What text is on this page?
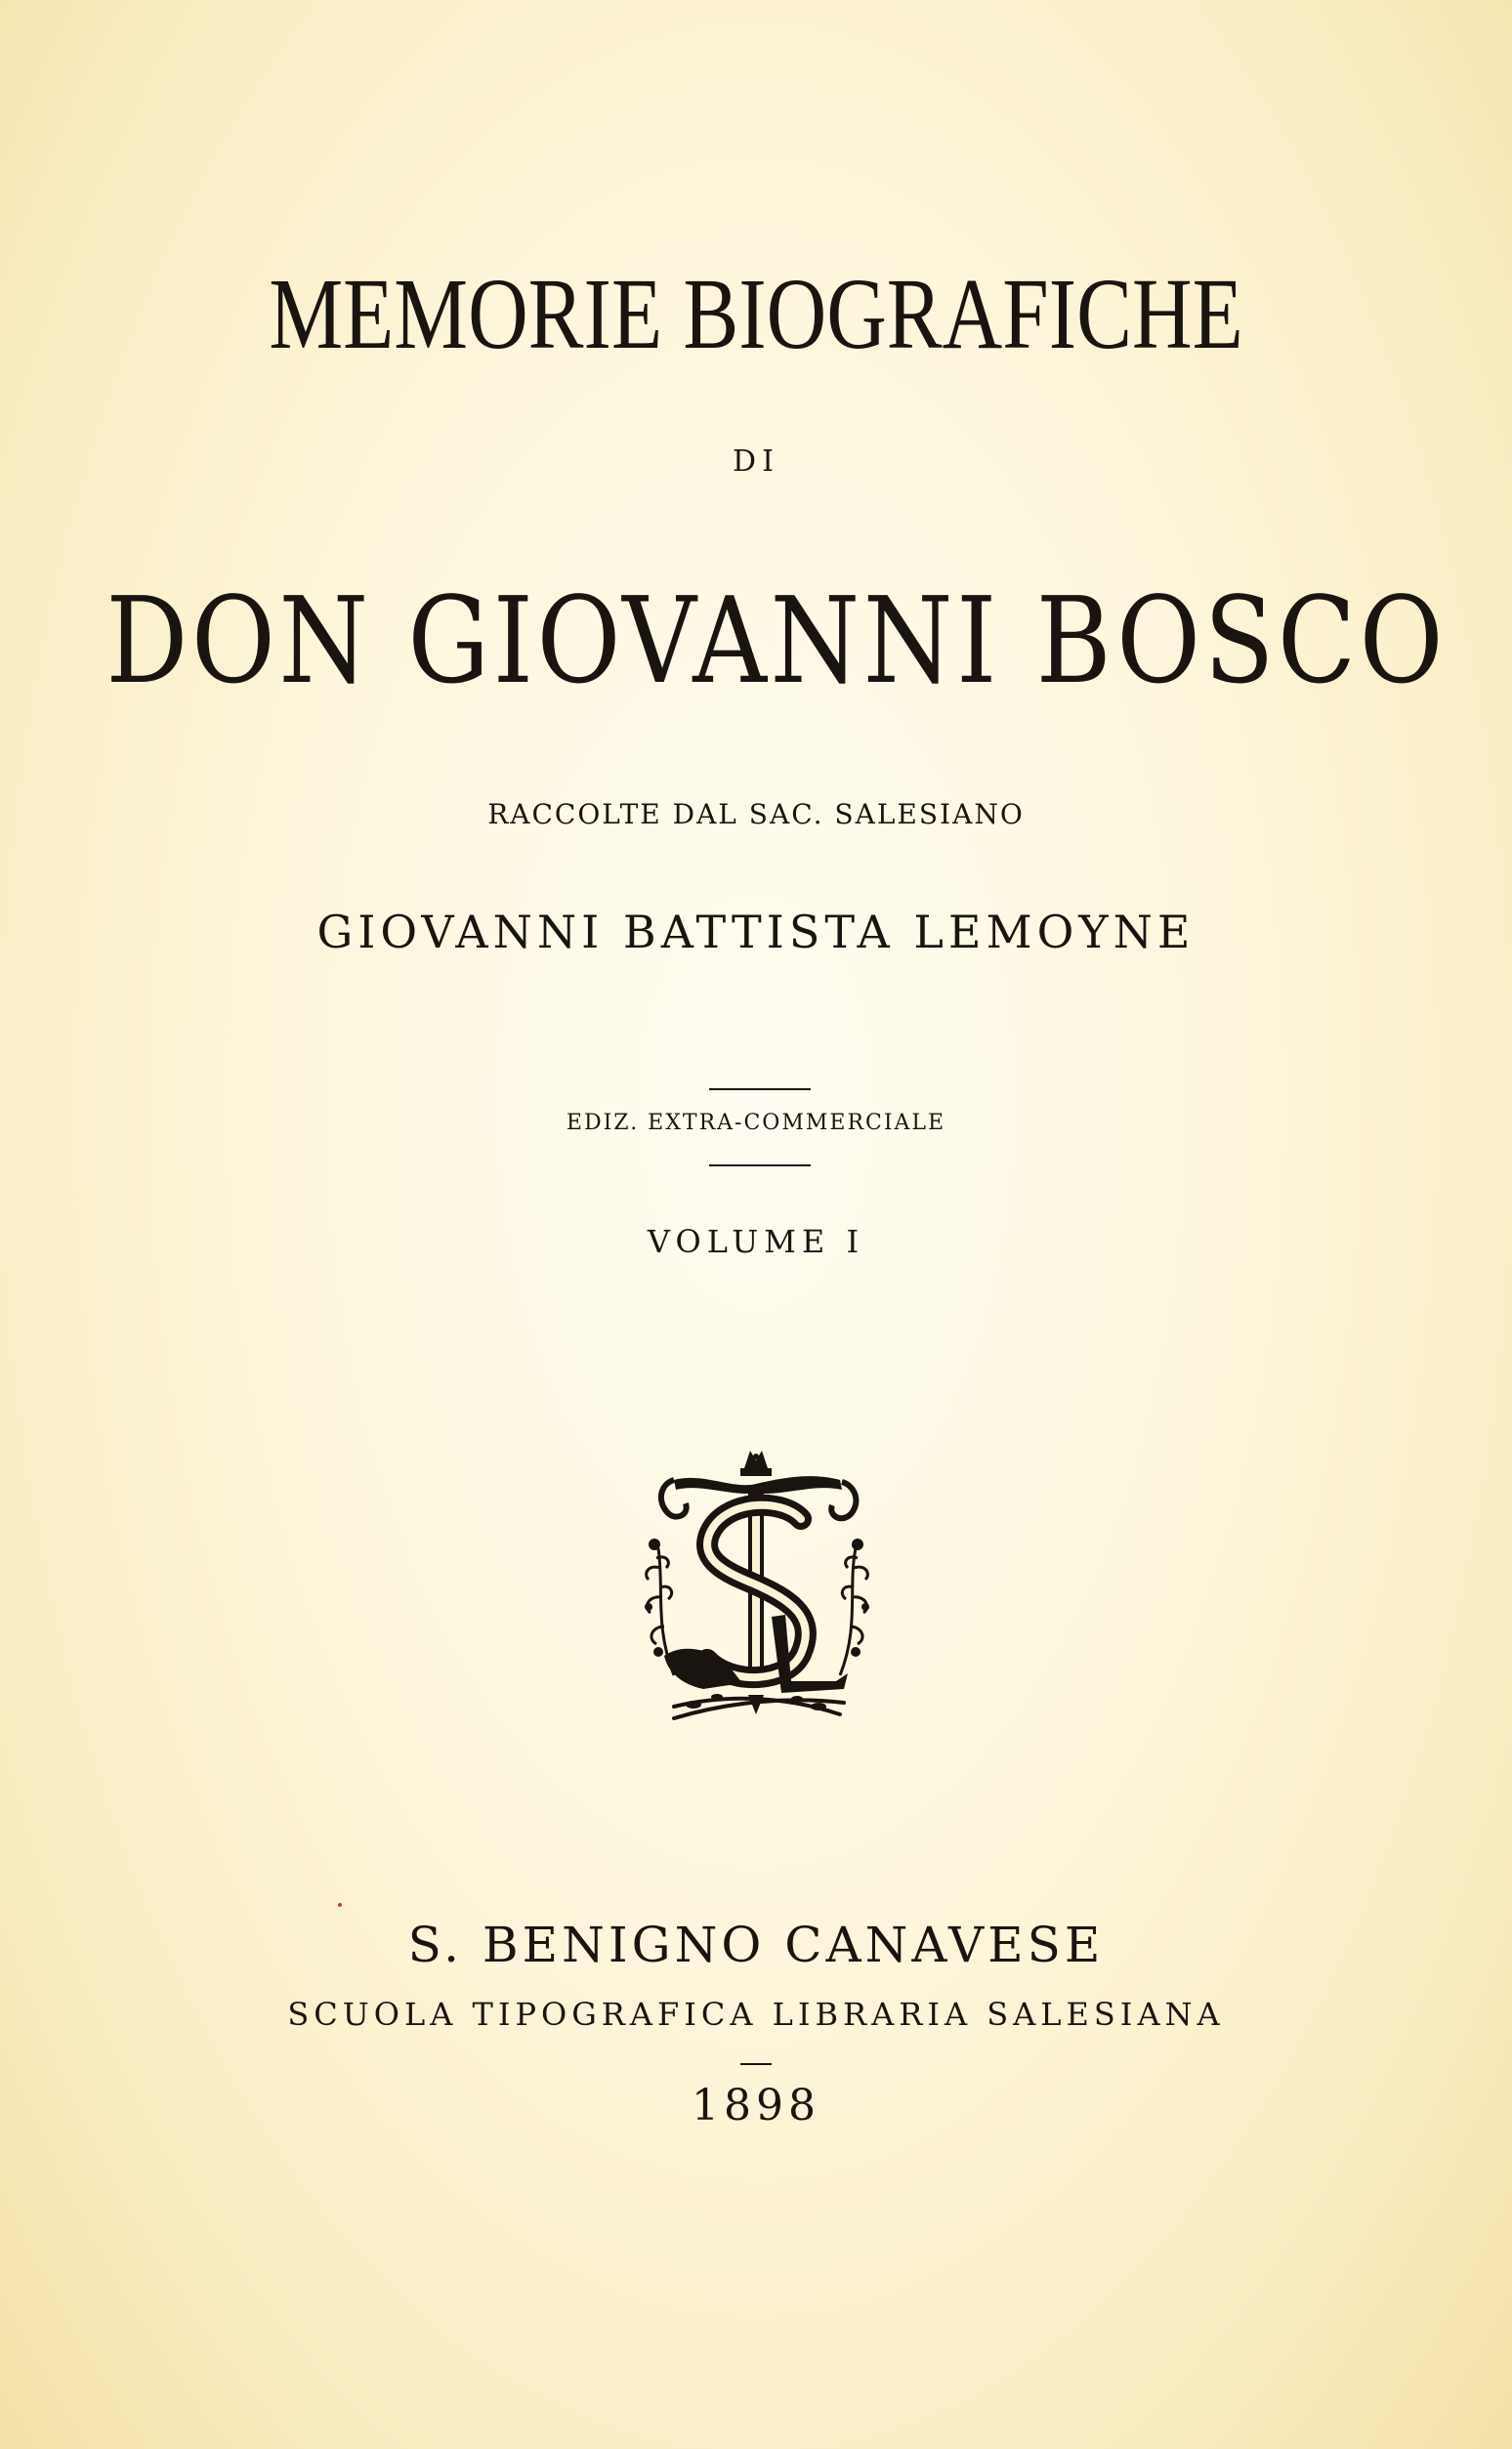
MEMORIE BIOGRAFICHE
DI
DON GIOVANNI BOSCO
RACCOLTE DAL SAC. SALESIANO
GIOVANNI BATTISTA LEMOYNE
EDIZ. EXTRA-COMMERCIALE
VOLUME I
S. BENIGNO CANAVESE
SCUOLA TIPOGRAFICA LIBRARIA SALESIANA
1898
